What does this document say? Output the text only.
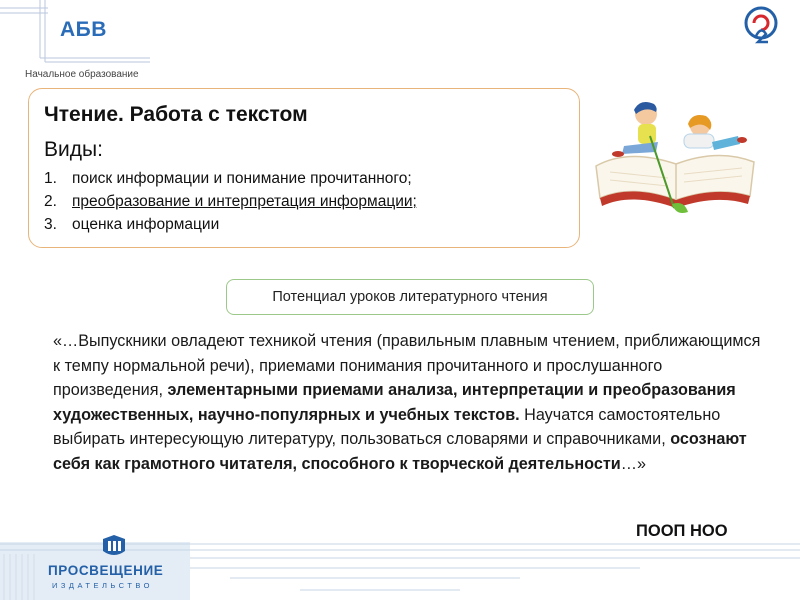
АБВ
Начальное образование
Чтение. Работа с текстом
Виды:
1. поиск информации и понимание прочитанного;
2. преобразование и интерпретация информации;
3. оценка информации
Потенциал уроков литературного чтения
«…Выпускники овладеют техникой чтения (правильным плавным чтением, приближающимся к темпу нормальной речи), приемами понимания прочитанного и прослушанного произведения, элементарными приемами анализа, интерпретации и преобразования художественных, научно-популярных и учебных текстов. Научатся самостоятельно выбирать интересующую литературу, пользоваться словарями и справочниками, осознают себя как грамотного читателя, способного к творческой деятельности…»
ПООП НОО
ПРОСВЕЩЕНИЕ
ИЗДАТЕЛЬСТВО
